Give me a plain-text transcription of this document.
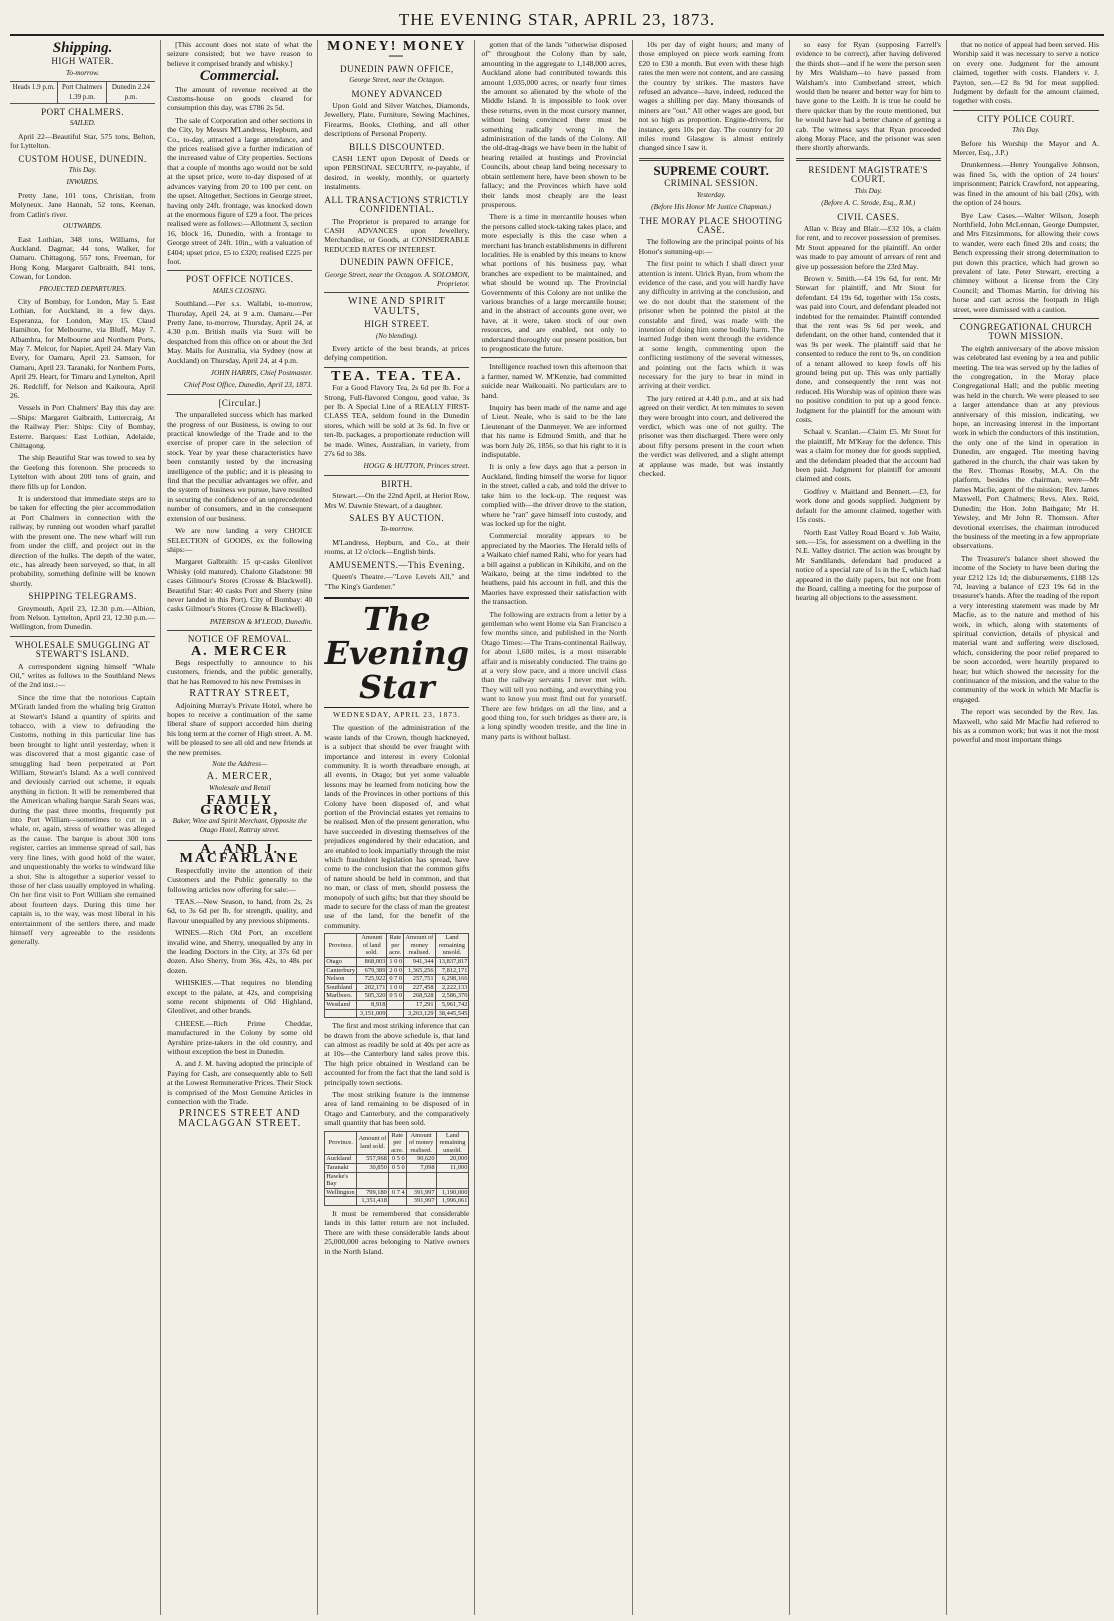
THE EVENING STAR, APRIL 23, 1873.
Shipping.
HIGH WATER.
To-morrow.
Heads 1.9 p.m.	Port Chalmers 1.39 p.m.
Dunedin 2.24 p.m.
PORT CHALMERS.
SAILED.

April 22—Beautiful Star, 575 tons, Belton, for Lyttelton.

CUSTOM HOUSE, DUNEDIN.
This Day.
INWARDS.

Pretty Jane, 101 tons, Christian, from Molyneux. Jane Hannah, 52 tons, Keenan, from Catlin's river.

OUTWARDS.

East Lothian, 348 tons, Williams, for Auckland. Dagmar, 44 tons, Walker, for Oamaru. Chittagong, 557 tons, Freeman, for Hong Kong. Margaret Galbraith, 841 tons, Cowan, for London.

PROJECTED DEPARTURES.

City of Bombay, for London, May 5. East Lothian, for Auckland, in a few days. Esperanza, for London, May 15. Claud Hamilton, for Melbourne, via Bluff, May 7. Albambra, for Melbourne and Northern Ports, May 7. Melcor, for Napier, April 24. Mary Van Every, for Oamaru, April 23. Samson, for Oamaru, April 23. Taranaki, for Northern Ports, April 29. Heart, for Timaru and Lyttelton, April 26. Redcliff, for Nelson and Kaikoura, April 26.

Vessels in Port Chalmers' Bay this day are:—Ships: Margaret Galbraith, Luttercraig, At the Railway Pier: Ships: City of Bombay, Esterre. Barques: East Lothian, Adelaide, Chittagong.

The ship Beautiful Star was towed to sea by the Geelong this forenoon. She proceeds to Lyttelton with about 200 tons of grain, and there fills up for London.

It is understood that immediate steps are to be taken for effecting the pier accommodation at Port Chalmers in connection with the railway, by running out wooden wharf parallel with the present one. The new wharf will run from under the cliff, and project out in the direction of the hulks. The depth of the water, etc., has already been surveyed, so that, in all probability, something definite will be known shortly.

SHIPPING TELEGRAMS.

Greymouth, April 23, 12.30 p.m.—Albion, from Nelson. Lyttelton, April 23, 12.30 p.m.—Wellington, from Dunedin.

WHOLESALE SMUGGLING AT STEWART'S ISLAND.

A correspondent signing himself "Whale Oil," writes as follows to the Southland News of the 2nd inst.:—

Since the time that the notorious Captain M'Grath landed from the whaling brig Gratton at Stewart's Island a quantity of spirits and tobacco, with a view to defrauding the Customs, nothing in this particular line has been brought to light until yesterday, when it was discovered that a most gigantic case of smuggling had been perpetrated at Port William, Stewart's Island. As a well connived and deviously carried out scheme, it equals anything in fiction. It will be remembered that the American whaling barque Sarah Sears was, during the past three months, frequently put into Port William—sometimes to cut in a whale, or, again, stress of weather was alleged as the cause. The barque is about 300 tons register, carries an immense spread of sail, has very fine lines, with good hold of the water, and unquestionably the works to windward like a shot. She is altogether a superior vessel to those of her class usually employed in whaling. On her first visit to Port William she remained about fourteen days. During this time her captain is, to the way, was most liberal in his entertainment of the settlers there, and made himself very agreeable to the residents generally.

[This account does not state of what the seizure consisted; but we have reason to believe it comprised brandy and whisky.]

Commercial.

The amount of revenue received at the Customs-house on goods cleared for consumption this day, was £786 2s 5d.

The sale of Corporation and other sections in the City, by Messrs M'Landress, Hepburn, and Co., to-day, attracted a large attendance, and the prices realised give a further indication of the increased value of City properties. Sections that a couple of months ago would not be sold at the upset price, were to-day disposed of at advances varying from 20 to 100 per cent. on the upset. Altogether, Sections in George street, having only 24ft. frontage, was knocked down at the enormous figure of £29 a foot. The prices realised were as follows:—Allotment 3, section 16, block 16, Dunedin, with a frontage to George street of 24ft. 10in., with a valuation of £404; upset price, £5 to £320; realised £225 per foot.

POST OFFICE NOTICES.
MAILS CLOSING.

Southland.—Per s.s. Wallabi, to-morrow, Thursday, April 24, at 9 a.m. Oamaru.—Per Pretty Jane, to-morrow, Thursday, April 24, at 4.30 p.m. British mails via Suez will be despatched from this office on or about the 3rd May. Mails for Australia, via Sydney (now at Auckland) on Thursday, April 24, at 4 p.m.

JOHN HARRIS, Chief Postmaster.
Chief Post Office, Dunedin, April 23, 1873.
[Circular.]

The unparalleled success which has marked the progress of our Business, is owing to our practical knowledge of the Trade and to the exercise of proper care in the selection of stock. Year by year these characteristics have been constantly tested by the increasing intelligence of the public; and it is pleasing to find that the peculiar advantages we offer, and the system of business we pursue, have resulted in securing the confidence of an unprecedented number of consumers, and in the consequent extension of our business.

We are now landing a very CHOICE SELECTION of GOODS, ex the following ships:—

Margaret Galbraith: 15 qr-casks Glenlivet Whisky (old matured). Chalotte Gladstone: 98 cases Gilmour's Stores (Crosse & Blackwell). Beautiful Star: 40 casks Port and Sherry (nine never landed in this Port). City of Bombay: 40 casks Gilmour's Stores (Crosse & Blackwell).

PATERSON & M'LEOD, Dunedin.
NOTICE OF REMOVAL.
A. MERCER

Begs respectfully to announce to his customers, friends, and the public generally, that he has Removed to his new Premises in

RATTRAY STREET,

Adjoining Murray's Private Hotel, where he hopes to receive a continuation of the same liberal share of support accorded him during his long term at the corner of High street. A. M. will be pleased to see all old and new friends at the new premises.

Note the Address—
A. MERCER,
Wholesale and Retail
FAMILY GROCER,
Baker, Wine and Spirit Merchant, Opposite the Otago Hotel, Rattray street.
A. AND J. MACFARLANE

Respectfully invite the attention of their Customers and the Public generally to the following articles now offering for sale:—

TEAS.—New Season, to hand, from 2s, 2s 6d, to 3s 6d per lb, for strength, quality, and flavour unequalled by any previous shipments.

WINES.—Rich Old Port, an excellent invalid wine, and Sherry, unequalled by any in the leading Doctors in the City, at 37s 6d per dozen. Also Sherry, from 36s, 42s, to 48s per dozen.

WHISKIES.—That requires no blending except to the palate, at 42s, and comprising some recent shipments of Old Highland, Glenlivet, and other brands.

CHEESE.—Rich Prime Cheddar, manufactured in the Colony by some old Ayrshire prize-takers in the old country, and without exception the best in Dunedin.

A. and J. M. having adopted the principle of Paying for Cash, are consequently able to Sell at the Lowest Remunerative Prices. Their Stock is comprised of the Most Genuine Articles in connection with the Trade.

PRINCES STREET AND MACLAGGAN STREET.
MONEY! MONEY—
DUNEDIN PAWN OFFICE,
George Street, near the Octagon.
MONEY ADVANCED

Upon Gold and Silver Watches, Diamonds, Jewellery, Plate, Furniture, Sewing Machines, Firearms, Books, Clothing, and all other descriptions of Personal Property.

BILLS DISCOUNTED.

CASH LENT upon Deposit of Deeds or upon PERSONAL SECURITY, re-payable, if desired, in weekly, monthly, or quarterly instalments.

ALL TRANSACTIONS STRICTLY CONFIDENTIAL.

The Proprietor is prepared to arrange for CASH ADVANCES upon Jewellery, Merchandise, or Goods, at CONSIDERABLE REDUCED RATES OF INTEREST.

DUNEDIN PAWN OFFICE,
George Street, near the Octagon. A. SOLOMON, Proprietor.
WINE AND SPIRIT VAULTS,
HIGH STREET.
(No blending).

Every article of the best brands, at prices defying competition.

TEA. TEA. TEA.

For a Good Flavory Tea, 2s 6d per lb. For a Strong, Full-flavored Congou, good value, 3s per lb. A Special Line of a REALLY FIRST-CLASS TEA, seldom found in the Dunedin stores, which will be sold at 3s 6d. In five or ten-lb. packages, a proportionate reduction will be made. Wines, Australian, in variety, from 27s 6d to 38s.

HOGG & HUTTON, Princes street.
BIRTH.

Stewart.—On the 22nd April, at Heriot Row, Mrs W. Dawnie Stewart, of a daughter.

SALES BY AUCTION.
To-morrow.

M'Landress, Hepburn, and Co., at their rooms, at 12 o'clock—English birds.

AMUSEMENTS.—This Evening.

Queen's Theatre.—"Love Levels All," and "The King's Gardener."

The Evening Star
WEDNESDAY, APRIL 23, 1873.

The question of the administration of the waste lands of the Crown, though hackneyed, is a subject that should be ever fraught with importance and interest in every Colonial community. It is worth threadbare enough, at all events, in Otago; but yet some valuable lessons may be learned from noticing how the lands of the Provinces in other portions of this Colony have been disposed of, and what portion of the Provincial estates yet remains to be realised. Men of the present generation, who have succeeded in divesting themselves of the prejudices engendered by their education, and are enabled to look impartially through the mist which fraudulent legislation has spread, have come to the conclusion that the common gifts of nature should be held in common, and that no man, or class of men, should possess the monopoly of such gifts; but that they should be made to secure for the class of man the greatest use of the land, for the benefit of the community.

Province.	Amount of land sold.	Rate per acre.	Amount of money realised.	Land remaining unsold.
Otago	868,003	1 0 0	941,344	13,837,817
Canterbury	679,389	2 0 0	1,365,256	7,812,171
Nelson	725,922	0 7 0	257,751	6,298,166
Southland	202,171	1 0 0	227,458	2,222,133
Marlboro.	505,320	0 5 0	268,528	2,586,370
Westland	8,918		17,291	5,961,742
	3,151,009		3,263,129	38,445,545

The first and most striking inference that can be drawn from the above schedule is, that land can almost as readily be sold at 40s per acre as at 10s—the Canterbury land sales prove this. The high price obtained in Westland can be accounted for from the fact that the land sold is principally town sections.

The most striking feature is the immense area of land remaining to be disposed of in Otago and Canterbury, and the comparatively small quantity that has been sold.

Province.	Amount of land sold.	Rate per acre.	Amount of money realised.	Land remaining unsold.
Auckland	557,968	0 5 0	90,620	20,000
Taranaki	30,850	0 5 0	7,098	11,000
Hawke's Bay				
Wellington	799,180	0 7 4	391,997	1,190,000
	1,351,418		391,997	1,996,061

It must be remembered that considerable lands in this latter return are not included. There are with these considerable lands about 25,000,000 acres belonging to Native owners in the North Island.

gotten that of the lands "otherwise disposed of" throughout the Colony than by sale, amounting in the aggregate to 1,148,000 acres, Auckland alone had contributed towards this amount 1,035,000 acres, or nearly four times the amount so alienated by the whole of the Middle Island. It is impossible to look over these returns, even in the most cursory manner, without being convinced there must be something radically wrong in the administration of the lands of the Colony. All the old-drag-drags we have been in the habit of hearing retailed at hustings and Provincial Councils, about cheap land being necessary to obtain settlement here, have been shown to be fallacy; and the Provinces which have sold their lands most cheaply are the least prosperous.

There is a time in mercantile houses when the persons called stock-taking takes place, and more especially is this the case when a merchant has branch establishments in different localities. He is enabled by this means to know what portions of his business pay, what branches are expedient to be maintained, and what should be wound up. The Provincial Governments of this Colony are not unlike the various branches of a large mercantile house; and in the abstract of accounts gone over, we have, at it were, taken stock of our own resources, and are enabled, not only to understand thoroughly our present position, but to prognosticate the future.

Intelligence reached town this afternoon that a farmer, named W. M'Kenzie, had committed suicide near Waikouaiti. No particulars are to hand.

Inquiry has been made of the name and age of Lieut. Neale, who is said to be the late Lieutenant of the Danmeyer. We are informed that his name is Edmund Smith, and that he was born July 26, 1856, so that his right to it is indisputable.

It is only a few days ago that a person in Auckland, finding himself the worse for liquor in the street, called a cab, and told the driver to take him to the lock-up. The request was complied with—the driver drove to the station, where he "ran" gave himself into custody, and was locked up for the night.

Commercial morality appears to be appreciated by the Maories. The Herald tells of a Waikato chief named Rahi, who for years had a bill against a publican in Kihikihi, and on the Waikato, being at the time indebted to the heathens, paid his account in full, and this the Maories have expressed their satisfaction with the transaction.

The following are extracts from a letter by a gentleman who went Home via San Francisco a few months since, and published in the North Otago Times:—The Trans-continental Railway, for about 1,600 miles, is a most miserable affair and is miserably conducted. The trains go at a very slow pace, and a more uncivil class than the railway servants I never met with. They will tell you nothing, and everything you want to know you must find out for yourself. There are few bridges on all the line, and a good thing too, for such bridges as there are, is a long spindly wooden trestle, and the line in many parts is without ballast.

10s per day of eight hours; and many of those employed on piece work earning from £20 to £30 a month. But even with these high rates the men were not content, and are causing the country by strikes. The masters have refused an advance—have, indeed, reduced the wages a shilling per day. Many thousands of miners are "out." All other wages are good, but not so high as proportion. Engine-drivers, for instance, gets 10s per day. The country for 20 miles round Glasgow is almost entirely changed since I saw it.

SUPREME COURT.
CRIMINAL SESSION.
Yesterday.
(Before His Honor Mr Justice Chapman.)
THE MORAY PLACE SHOOTING CASE.

The following are the principal points of his Honor's summing-up:—

The first point to which I shall direct your attention is intent. Ulrick Ryan, from whom the evidence of the case, and you will hardly have any difficulty in arriving at the conclusion, and we do not doubt that the statement of the prisoner when he pointed the pistol at the constable and fired, was made with the intention of doing him some bodily harm. The learned Judge then went through the evidence at some length, commenting upon the conflicting testimony of the several witnesses, and pointing out the facts which it was necessary for the jury to bear in mind in arriving at their verdict.

The jury retired at 4.40 p.m., and at six had agreed on their verdict. At ten minutes to seven they were brought into court, and delivered the verdict, which was one of not guilty. The prisoner was then discharged. There were only about fifty persons present in the court when the verdict was delivered, and a slight attempt at applause was made, but was instantly checked.

so easy for Ryan (supposing Farrell's evidence to be correct), after having delivered the thirds shot—and if he were the person seen by Mrs Walsham—to have passed from Walsham's into Cumberland street, which would then be nearer and better way for him to have gone to the Leith. It is true he could be there quicker than by the route mentioned, but he would have had a better chance of getting a cab. The witness says that Ryan proceeded along Moray Place, and the prisoner was seen there shortly afterwards.

RESIDENT MAGISTRATE'S COURT.
This Day.
(Before A. C. Strode, Esq., R.M.)
CIVIL CASES.

Allan v. Bray and Blair.—£32 10s, a claim for rent, and to recover possession of premises. Mr Stout appeared for the plaintiff. An order was made to pay amount of arrears of rent and give up possession before the 23rd May.

Brown v. Smith.—£4 19s 6d, for rent. Mr Stewart for plaintiff, and Mr Stout for defendant. £4 19s 6d, together with 15s costs, was paid into Court, and defendant pleaded not indebted for the remainder. Plaintiff contended that the rent was 9s 6d per week, and defendant, on the other hand, contended that it was 9s per week. The plaintiff said that he consented to reduce the rent to 9s, on condition of a tenant allowed to keep fowls off his ground being put up. This was only partially done, and consequently the rent was not reduced. His Worship was of opinion there was no positive condition to put up a good fence. Judgment for the plaintiff for the amount with costs.

Schaal v. Scanlan.—Claim £5. Mr Stout for the plaintiff, Mr M'Keay for the defence. This was a claim for money due for goods supplied, and the defendant pleaded that the account had been paid. Judgment for plaintiff for amount claimed and costs.

Godfrey v. Maitland and Bennett.—£3, for work done and goods supplied. Judgment by default for the amount claimed, together with 15s costs.

North East Valley Road Board v. Job Waite, sen.—15s, for assessment on a dwelling in the N.E. Valley district. The action was brought by Mr Sandilands, defendant had produced a notice of a special rate of 1s in the £, which had appeared in the daily papers, but not one from the Board, calling a meeting for the purpose of hearing all objections to the assessment.

that no notice of appeal had been served. His Worship said it was necessary to serve a notice on every one. Judgment for the amount claimed, together with costs. Flanders v. J. Payton, sen.—£2 8s 9d for meat supplied. Judgment by default for the amount claimed, together with costs.

CITY POLICE COURT.
This Day.

Before his Worship the Mayor and A. Mercer, Esq., J.P.)

Drunkenness.—Henry Youngalive Johnson, was fined 5s, with the option of 24 hours' imprisonment; Patrick Crawford, not appearing, was fined in the amount of his bail (20s), with the option of 24 hours.

Bye Law Cases.—Walter Wilson, Joseph Northfield, John McLennan, George Dumpster, and Mrs Fitzsimmons, for allowing their cows to wander, were each fined 20s and costs; the Bench expressing their strong determination to put down this practice, which had grown so prevalent of late. Peter Stewart, erecting a chimney without a license from the City Council; and Thomas Martin, for driving his horse and cart across the footpath in High street, were dismissed with a caution.

CONGREGATIONAL CHURCH TOWN MISSION.

The eighth anniversary of the above mission was celebrated last evening by a tea and public meeting. The tea was served up by the ladies of the congregation, in the Moray place Congregational Hall; and the public meeting was held in the church. We were pleased to see a larger attendance than at any previous anniversary of this mission, indicating, we hope, an increasing interest in the important work in which the conductors of this institution, the only one of the kind in operation in Dunedin, are engaged. The meeting having gathered in the church, the chair was taken by the Rev. Thomas Roseby, M.A. On the platform, besides the chairman, were—Mr James Macfie, agent of the mission; Rev. James Maxwell, Port Chalmers; Revs. Alex. Reid, Dunedin; the Hon. John Bathgate; Mr H. Yewsley, and Mr John R. Thomson. After devotional exercises, the chairman introduced the business of the meeting in a few appropriate observations.

The Treasurer's balance sheet showed the income of the Society to have been during the year £212 12s 1d; the disbursements, £188 12s 7d, leaving a balance of £23 19s 6d in the treasurer's hands. After the reading of the report a very interesting statement was made by Mr Macfie, as to the nature and method of his work, in which, along with statements of spiritual conviction, details of physical and material want and suffering were disclosed, which, considering the poor relief prepared to be soon accorded, were heartily prepared to hear; but which showed the necessity for the continuance of the mission, and the value to the community of the work in which Mr Macfie is engaged.

The report was seconded by the Rev. Jas. Maxwell, who said Mr Macfie had referred to his as a common work; but was it not the most powerful and most important things
